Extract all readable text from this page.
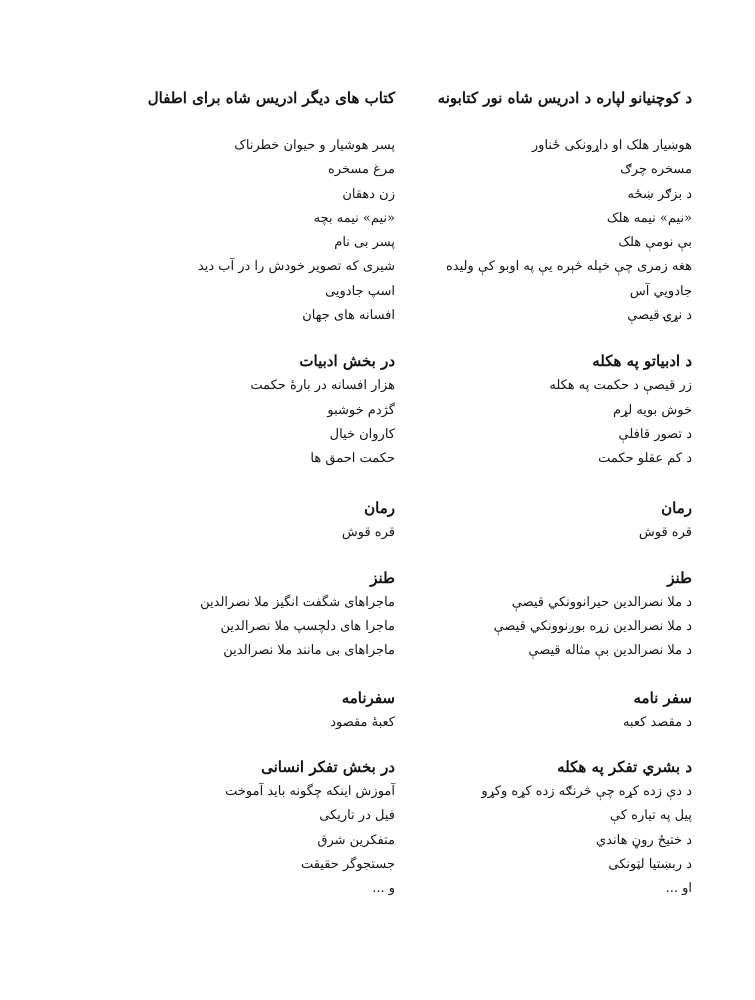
د کوچنیانو لپاره د ادریس شاه نور کتابونه
هوښیار هلک او داړونکی ځناور
مسخره چرګ
د بزګر ښځه
«نیم» نیمه هلک
بې نومې هلک
هغه زمرى چې خپله څېره يې په اوبو کې وليده
جادويي آس
د نړۍ قیصې
د ادبیاتو په هکله
زر قیصې د حکمت په هکله
خوش بويه لړم
د تصور قافلې
د کم عقلو حکمت
رمان
قره قوش
طنز
د ملا نصرالدين حيرانوونکي قيصې
د ملا نصرالدين زړه بوږنوونکي قيصې
د ملا نصرالدين بې مثاله قيصې
سفر نامه
د مقصد کعبه
د بشري تفکر په هکله
د دې زده کړه چې څرنګه زده کړه وکړو
پيل په تياره کې
د ختيځ روڼ هاندي
د ربښتيا لټونکی
او ...
کتاب های دیگر ادریس شاه برای اطفال
پسر هوشیار و حیوان خطرناک
مرغ مسخره
زن دهقان
«نیم» نیمه بچه
پسر بی نام
شیری که تصویر خودش را در آب دید
اسپ جادویی
افسانه های جهان
در بخش ادبیات
هزار افسانه در بارهٔ حکمت
گژدم خوشبو
کاروان خیال
حکمت احمق ها
رمان
قره قوش
طنز
ماجراهای شگفت انگیز ملا نصرالدین
ماجرا های دلچسپ ملا نصرالدین
ماجراهای بی مانند ملا نصرالدین
سفرنامه
کعبهٔ مقصود
در بخش تفکر انسانی
آموزش اینکه چگونه باید آموخت
فیل در تاریکی
متفکرین شرق
جستجوگر حقیقت
و ...
